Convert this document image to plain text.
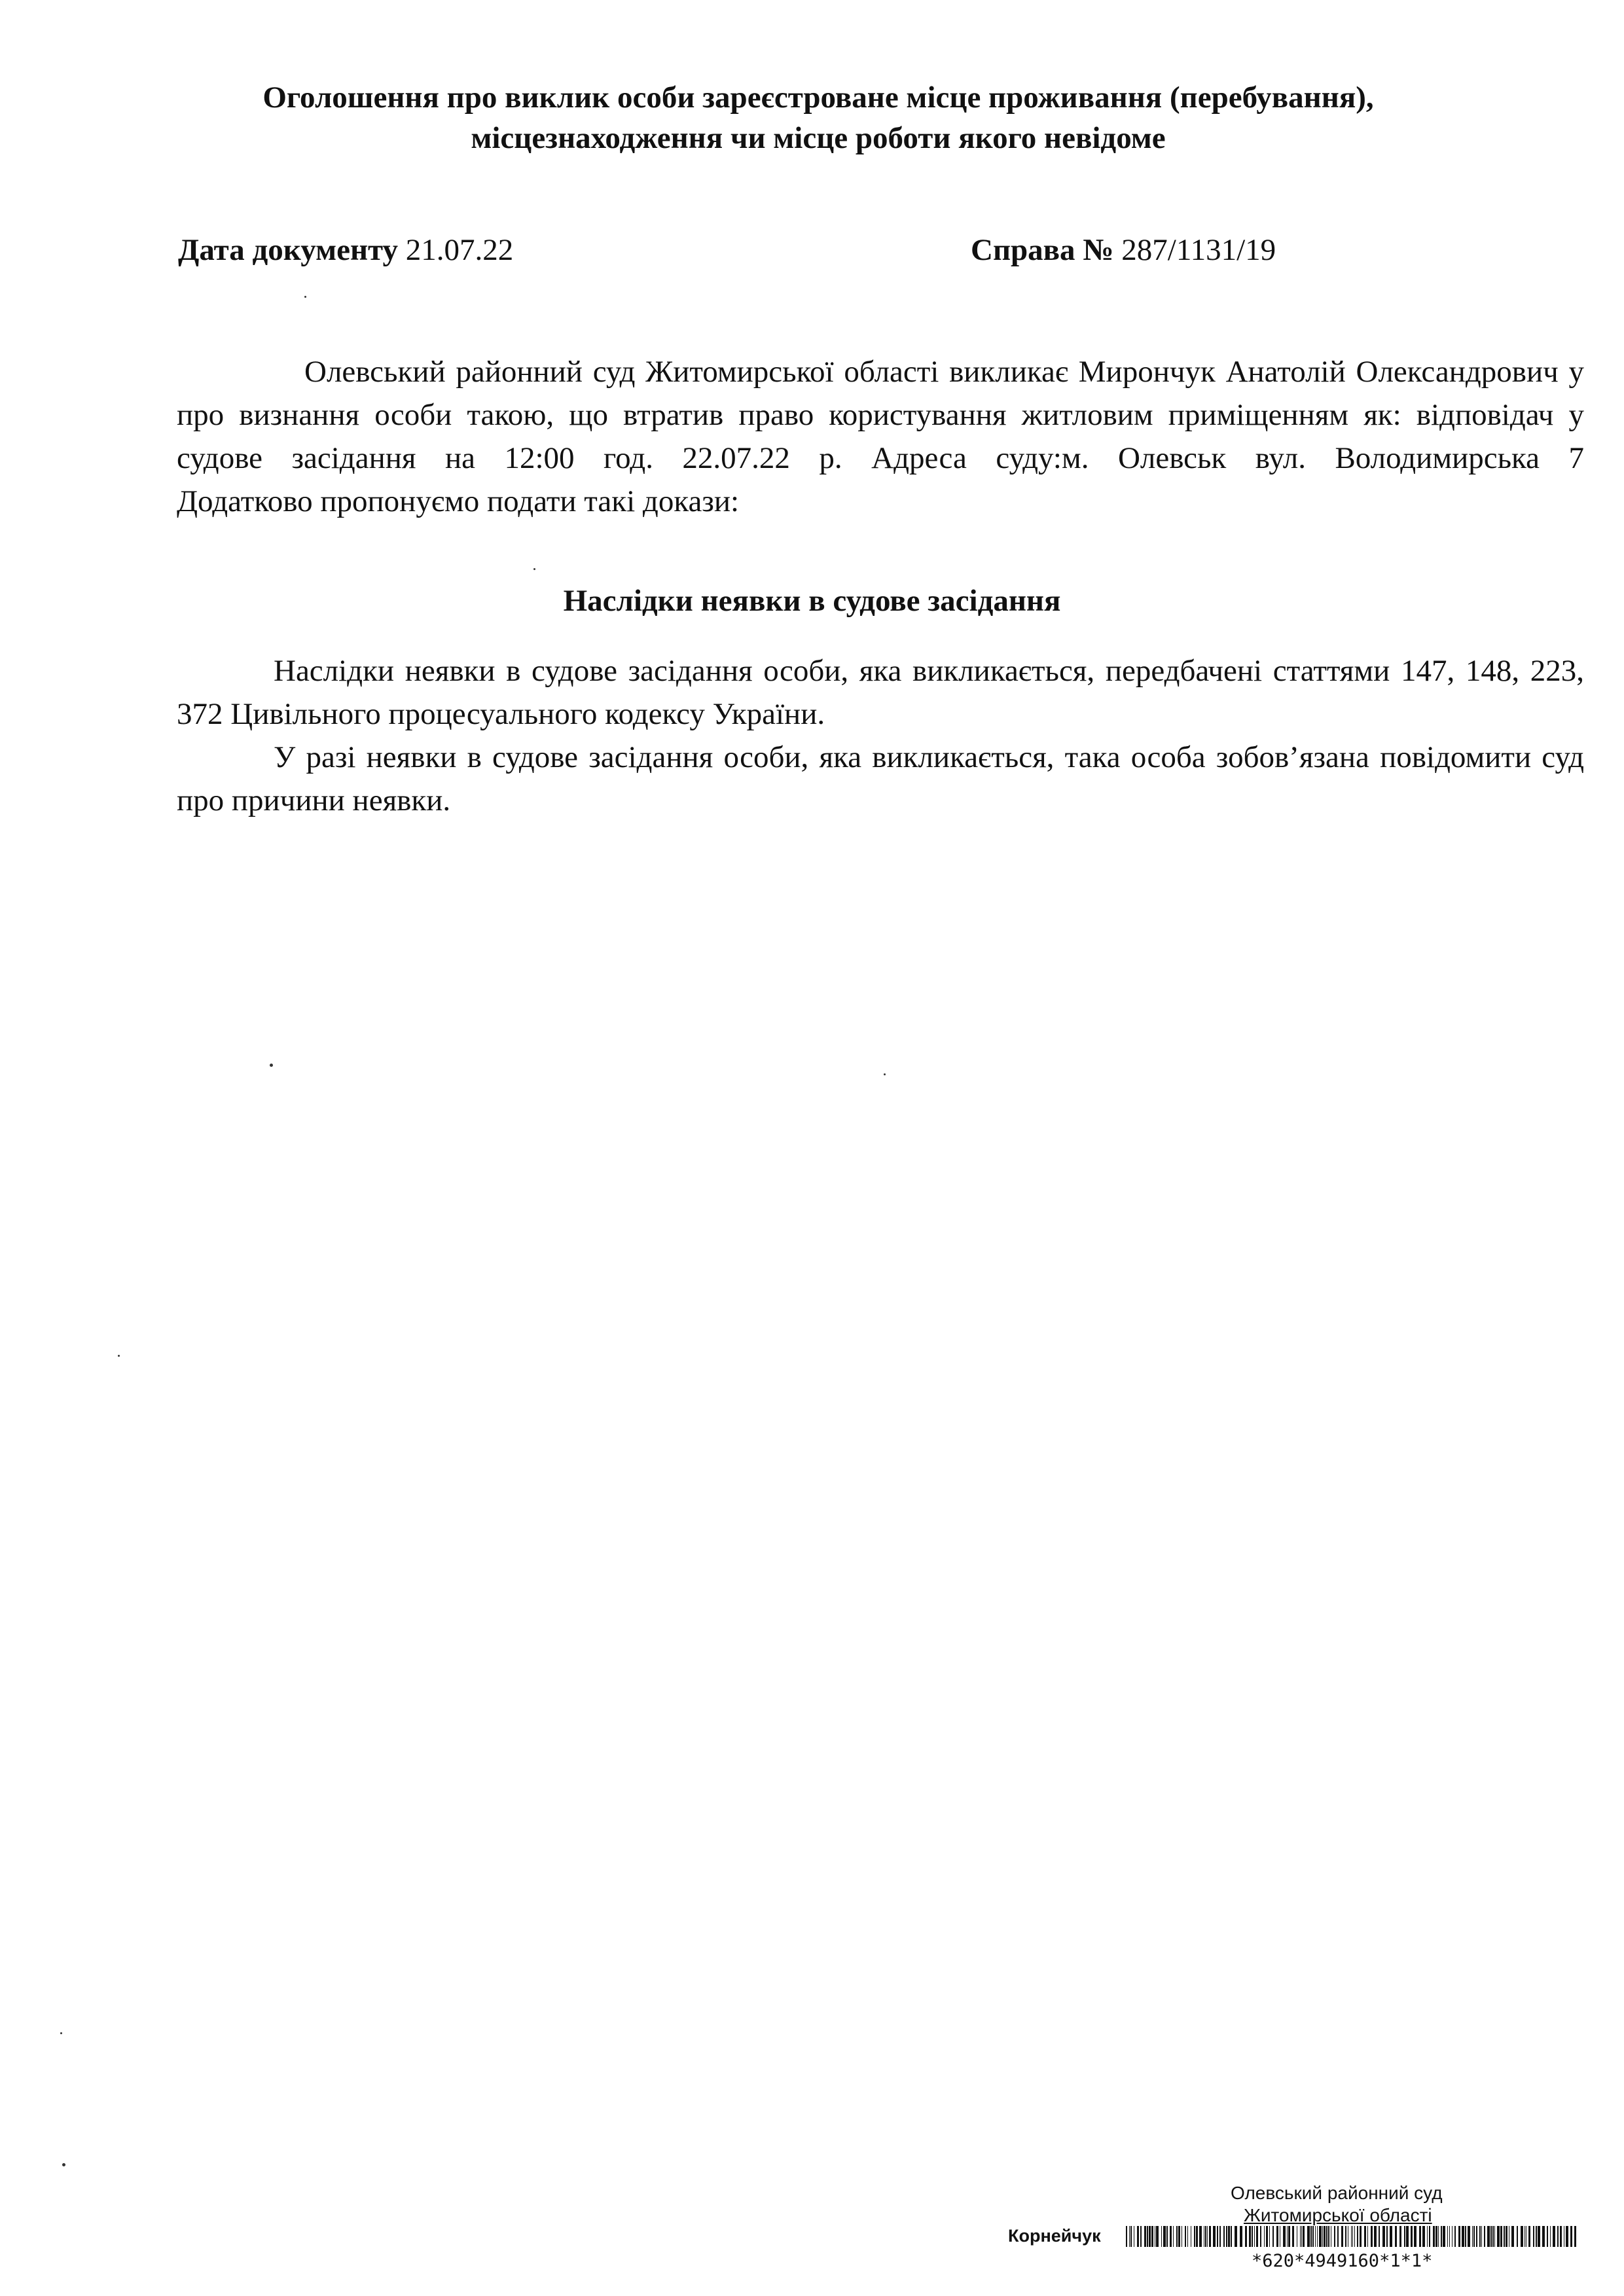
Оголошення про виклик особи зареєстроване місце проживання (перебування),
місцезнаходження чи місце роботи якого невідоме
Дата документу 21.07.22	Справа № 287/1131/19

Олевський районний суд Житомирської області викликає Мирончук Анатолій Олександрович у про визнання особи такою, що втратив право користування житловим приміщенням як: відповідач у судове засідання на 12:00 год. 22.07.22 р. Адреса суду:м. Олевськ вул. Володимирська 7

Додатково пропонуємо подати такі докази:

Наслідки неявки в судове засідання

Наслідки неявки в судове засідання особи, яка викликається, передбачені статтями 147, 148, 223, 372 Цивільного процесуального кодексу України.

У разі неявки в судове засідання особи, яка викликається, така особа зобов’язана повідомити суд про причини неявки.

Олевський районний суд
Житомирської області
Корнейчук
*620*4949160*1*1*
